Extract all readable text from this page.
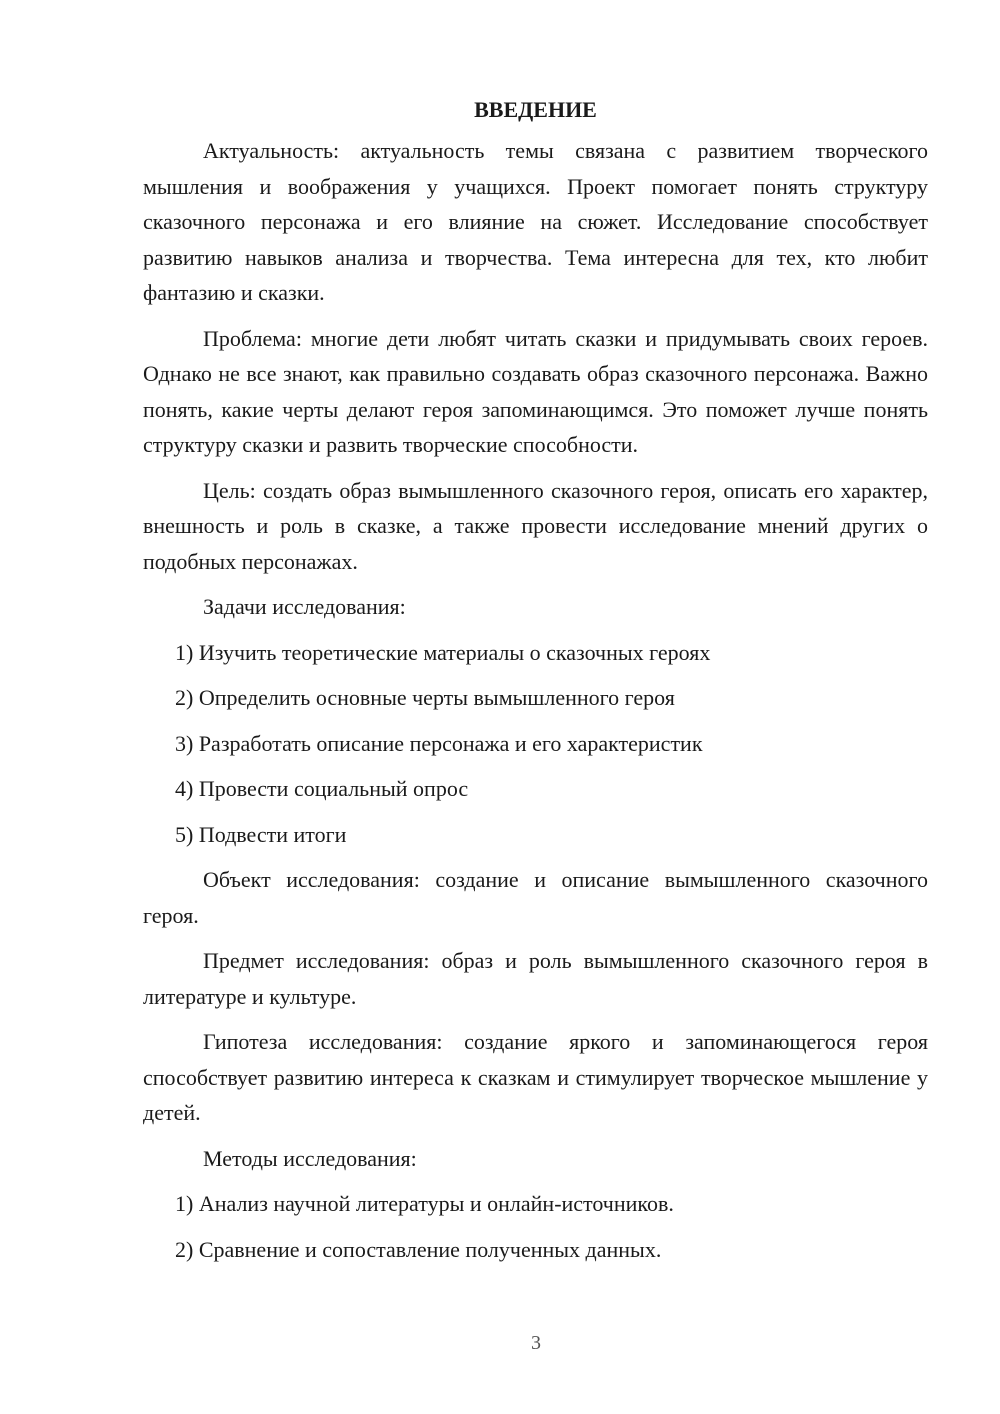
ВВЕДЕНИЕ

Актуальность: актуальность темы связана с развитием творческого мышления и воображения у учащихся. Проект помогает понять структуру сказочного персонажа и его влияние на сюжет. Исследование способствует развитию навыков анализа и творчества. Тема интересна для тех, кто любит фантазию и сказки.

Проблема: многие дети любят читать сказки и придумывать своих героев. Однако не все знают, как правильно создавать образ сказочного персонажа. Важно понять, какие черты делают героя запоминающимся. Это поможет лучше понять структуру сказки и развить творческие способности.

Цель: создать образ вымышленного сказочного героя, описать его характер, внешность и роль в сказке, а также провести исследование мнений других о подобных персонажах.

Задачи исследования:

1) Изучить теоретические материалы о сказочных героях
2) Определить основные черты вымышленного героя
3) Разработать описание персонажа и его характеристик
4) Провести социальный опрос
5) Подвести итоги

Объект исследования: создание и описание вымышленного сказочного героя.

Предмет исследования: образ и роль вымышленного сказочного героя в литературе и культуре.

Гипотеза исследования: создание яркого и запоминающегося героя способствует развитию интереса к сказкам и стимулирует творческое мышление у детей.

Методы исследования:

1) Анализ научной литературы и онлайн-источников.
2) Сравнение и сопоставление полученных данных.
3
